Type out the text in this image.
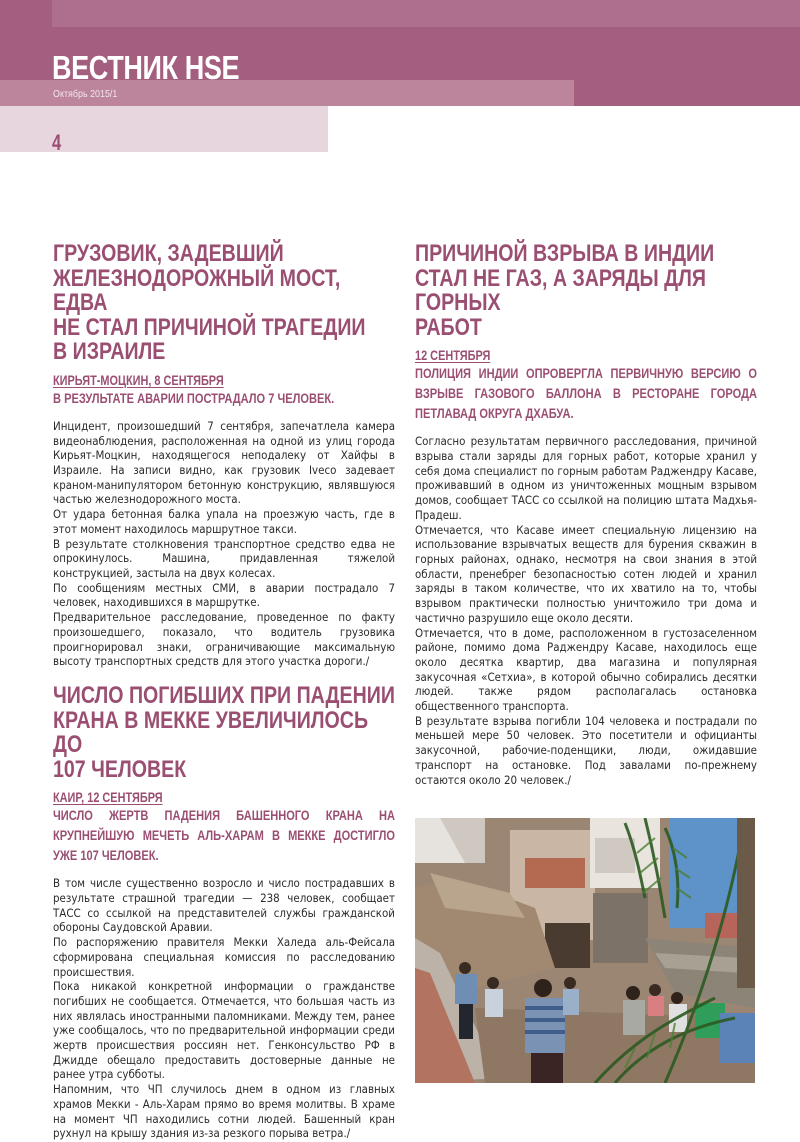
ВЕСТНИК HSE
Октябрь 2015/1
4
ГРУЗОВИК, ЗАДЕВШИЙ
ЖЕЛЕЗНОДОРОЖНЫЙ МОСТ, ЕДВА
НЕ СТАЛ ПРИЧИНОЙ ТРАГЕДИИ
В ИЗРАИЛЕ
КИРЬЯТ-МОЦКИН, 8 СЕНТЯБРЯ
В РЕЗУЛЬТАТЕ АВАРИИ ПОСТРАДАЛО 7 ЧЕЛОВЕК.

Инцидент, произошедший 7 сентября, запечатлела камера видеонаблюдения, расположенная на одной из улиц города Кирьят-Моцкин, находящегося неподалеку от Хайфы в Израиле. На записи видно, как грузовик Iveco задевает краном-манипулятором бетонную конструкцию, являвшуюся частью железнодорожного моста.

От удара бетонная балка упала на проезжую часть, где в этот момент находилось маршрутное такси.

В результате столкновения транспортное средство едва не опрокинулось. Машина, придавленная тяжелой конструкцией, застыла на двух колесах.

По сообщениям местных СМИ, в аварии пострадало 7 человек, находившихся в маршрутке.

Предварительное расследование, проведенное по факту произошедшего, показало, что водитель грузовика проигнорировал знаки, ограничивающие максимальную высоту транспортных средств для этого участка дороги./

ЧИСЛО ПОГИБШИХ ПРИ ПАДЕНИИ
КРАНА В МЕККЕ УВЕЛИЧИЛОСЬ ДО
107 ЧЕЛОВЕК
КАИР, 12 СЕНТЯБРЯ
ЧИСЛО ЖЕРТВ ПАДЕНИЯ БАШЕННОГО КРАНА НА КРУПНЕЙШУЮ МЕЧЕТЬ АЛЬ-ХАРАМ В МЕККЕ ДОСТИГЛО УЖЕ 107 ЧЕЛОВЕК.

В том числе существенно возросло и число пострадавших в результате страшной трагедии — 238 человек, сообщает ТАСС со ссылкой на представителей службы гражданской обороны Саудовской Аравии.

По распоряжению правителя Мекки Халеда аль-Фейсала сформирована специальная комиссия по расследованию происшествия.

Пока никакой конкретной информации о гражданстве погибших не сообщается. Отмечается, что большая часть из них являлась иностранными паломниками. Между тем, ранее уже сообщалось, что по предварительной информации среди жертв происшествия россиян нет. Генконсульство РФ в Джидде обещало предоставить достоверные данные не ранее утра субботы.

Напомним, что ЧП случилось днем в одном из главных храмов Мекки - Аль-Харам прямо во время молитвы. В храме на момент ЧП находились сотни людей. Башенный кран рухнул на крышу здания из-за резкого порыва ветра./

ПРИЧИНОЙ ВЗРЫВА В ИНДИИ
СТАЛ НЕ ГАЗ, А ЗАРЯДЫ ДЛЯ ГОРНЫХ
РАБОТ
12 СЕНТЯБРЯ
ПОЛИЦИЯ ИНДИИ ОПРОВЕРГЛА ПЕРВИЧНУЮ ВЕРСИЮ О ВЗРЫВЕ ГАЗОВОГО БАЛЛОНА В РЕСТОРАНЕ ГОРОДА ПЕТЛАВАД ОКРУГА ДХАБУА.

Согласно результатам первичного расследования, причиной взрыва стали заряды для горных работ, которые хранил у себя дома специалист по горным работам Раджендру Касаве, проживавший в одном из уничтоженных мощным взрывом домов, сообщает ТАСС со ссылкой на полицию штата Мадхья-Прадеш.

Отмечается, что Касаве имеет специальную лицензию на использование взрывчатых веществ для бурения скважин в горных районах, однако, несмотря на свои знания в этой области, пренебрег безопасностью сотен людей и хранил заряды в таком количестве, что их хватило на то, чтобы взрывом практически полностью уничтожило три дома и частично разрушило еще около десяти.

Отмечается, что в доме, расположенном в густозаселенном районе, помимо дома Раджендру Касаве, находилось еще около десятка квартир, два магазина и популярная закусочная «Сетхиа», в которой обычно собирались десятки людей. также рядом располагалась остановка общественного транспорта.

В результате взрыва погибли 104 человека и пострадали по меньшей мере 50 человек. Это посетители и официанты закусочной, рабочие-поденщики, люди, ожидавшие транспорт на остановке. Под завалами по-прежнему остаются около 20 человек./
